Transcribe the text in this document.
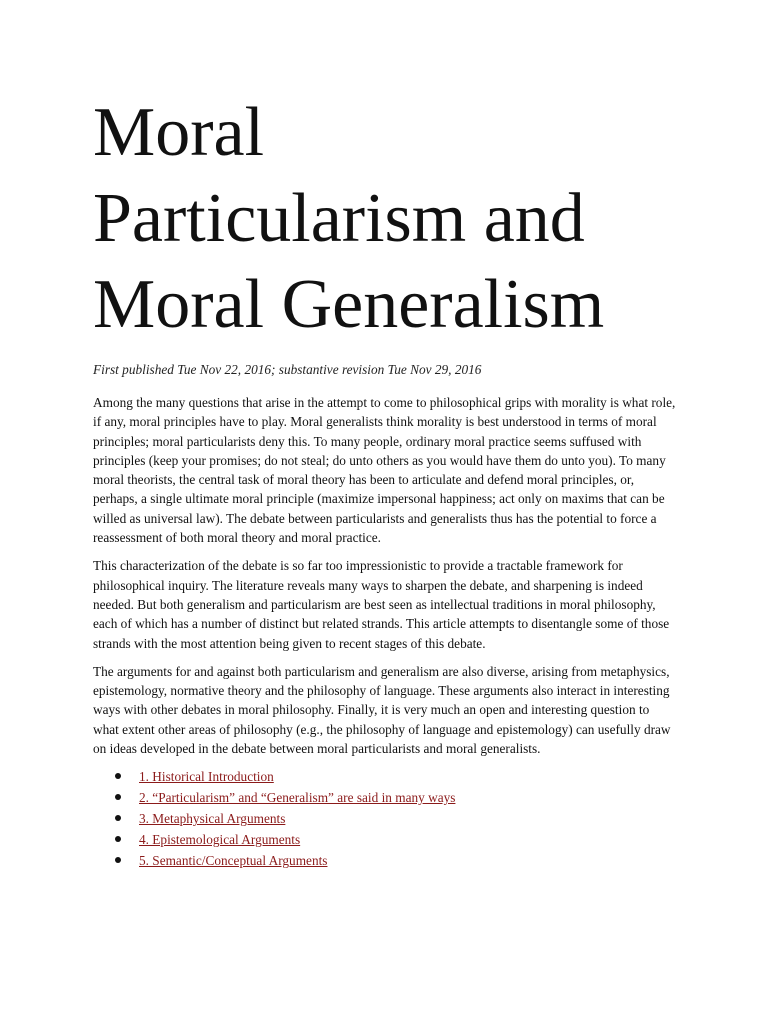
Moral
Particularism and
Moral Generalism

First published Tue Nov 22, 2016; substantive revision Tue Nov 29, 2016

Among the many questions that arise in the attempt to come to philosophical grips with morality is what role, if any, moral principles have to play. Moral generalists think morality is best understood in terms of moral principles; moral particularists deny this. To many people, ordinary moral practice seems suffused with principles (keep your promises; do not steal; do unto others as you would have them do unto you). To many moral theorists, the central task of moral theory has been to articulate and defend moral principles, or, perhaps, a single ultimate moral principle (maximize impersonal happiness; act only on maxims that can be willed as universal law). The debate between particularists and generalists thus has the potential to force a reassessment of both moral theory and moral practice.

This characterization of the debate is so far too impressionistic to provide a tractable framework for philosophical inquiry. The literature reveals many ways to sharpen the debate, and sharpening is indeed needed. But both generalism and particularism are best seen as intellectual traditions in moral philosophy, each of which has a number of distinct but related strands. This article attempts to disentangle some of those strands with the most attention being given to recent stages of this debate.

The arguments for and against both particularism and generalism are also diverse, arising from metaphysics, epistemology, normative theory and the philosophy of language. These arguments also interact in interesting ways with other debates in moral philosophy. Finally, it is very much an open and interesting question to what extent other areas of philosophy (e.g., the philosophy of language and epistemology) can usefully draw on ideas developed in the debate between moral particularists and moral generalists.

1. Historical Introduction
2. “Particularism” and “Generalism” are said in many ways
3. Metaphysical Arguments
4. Epistemological Arguments
5. Semantic/Conceptual Arguments
